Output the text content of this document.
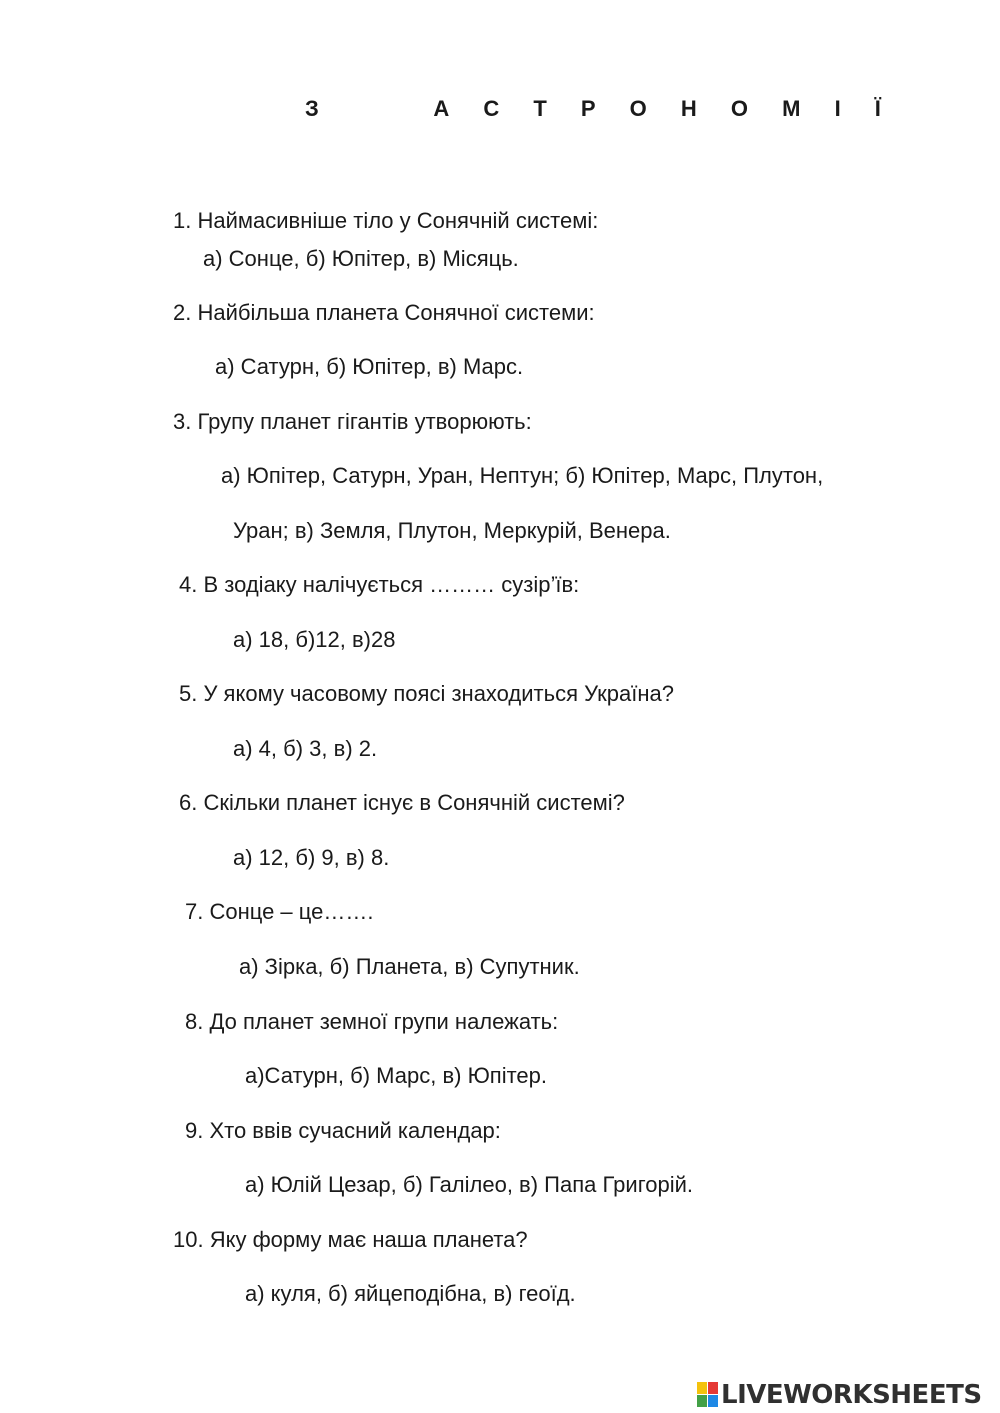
З     А С Т Р О Н О М І Ї
1. Наймасивніше тіло у Сонячній системі:
а) Сонце, б) Юпітер, в) Місяць.
2. Найбільша планета Сонячної системи:
а) Сатурн, б) Юпітер, в) Марс.
3. Групу планет гігантів утворюють:
а) Юпітер, Сатурн, Уран, Нептун; б) Юпітер, Марс, Плутон,
Уран; в) Земля, Плутон, Меркурій, Венера.
4. В зодіаку налічується ……… сузір’їв:
а) 18, б)12, в)28
5. У якому часовому поясі знаходиться Україна?
а) 4, б) 3, в) 2.
6. Скільки планет існує в Сонячній системі?
а) 12, б) 9, в) 8.
7. Сонце – це…….
а) Зірка, б) Планета, в) Супутник.
8. До планет земної групи належать:
а)Сатурн, б) Марс, в) Юпітер.
9. Хто ввів сучасний календар:
а) Юлій Цезар, б) Галілео, в) Папа Григорій.
10. Яку форму має наша планета?
а) куля, б) яйцеподібна, в) геоїд.
LIVEWORKSHEETS
